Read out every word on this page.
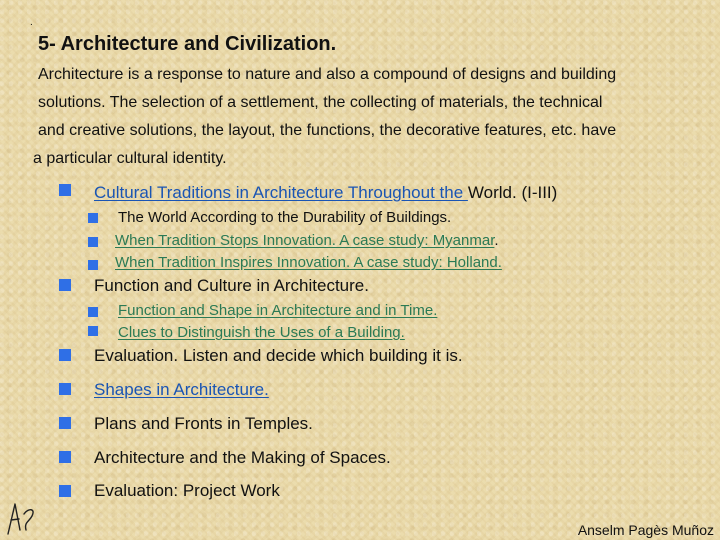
.
5- Architecture and Civilization.
Architecture is a response to nature and also a compound of designs and building
solutions. The selection of a settlement, the collecting of materials, the technical
and creative solutions, the layout, the functions, the decorative features, etc. have
a particular cultural identity.
Cultural Traditions in Architecture Throughout the World. (I-III)
The World According to the Durability of Buildings.
When Tradition Stops Innovation. A case study: Myanmar.
When Tradition Inspires Innovation. A case study: Holland.
Function and Culture in Architecture.
Function and Shape in Architecture and in Time.
Clues to Distinguish the Uses of a Building.
Evaluation. Listen and decide which building it is.
Shapes in Architecture.
Plans and Fronts in Temples.
Architecture and the Making of Spaces.
Evaluation: Project Work
Anselm Pagès Muñoz
